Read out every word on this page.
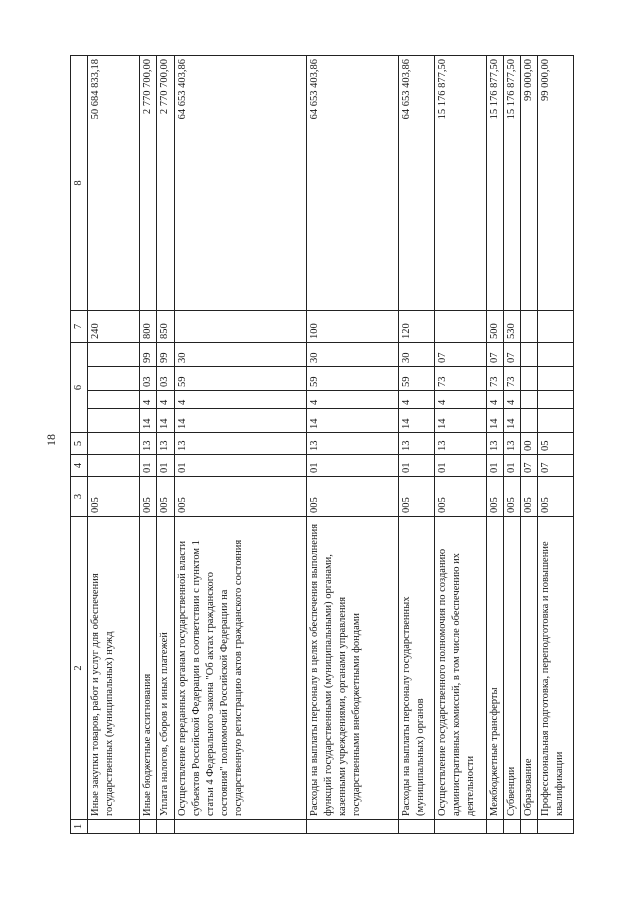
18
1	2	3	4	5	6				7	8
	Иные закупки товаров, работ и услуг для обеспечения государственных (муниципальных) нужд	005							240	50 684 833,18
	Иные бюджетные ассигнования	005	01	13	14	4	03	99	800	2 770 700,00
	Уплата налогов, сборов и иных платежей	005	01	13	14	4	03	99	850	2 770 700,00
	Осуществление переданных органам государственной власти субъектов Российской Федерации в соответствии с пунктом 1 статьи 4 Федерального закона "Об актах гражданского состояния" полномочий Российской Федерации на государственную регистрацию актов гражданского состояния	005	01	13	14	4	59	30		64 653 403,86
	Расходы на выплаты персоналу в целях обеспечения выполнения функций государственными (муниципальными) органами, казенными учреждениями, органами управления государственными внебюджетными фондами	005	01	13	14	4	59	30	100	64 653 403,86
	Расходы на выплаты персоналу государственных (муниципальных) органов	005	01	13	14	4	59	30	120	64 653 403,86
	Осуществление государственного полномочия по созданию административных комиссий, в том числе обеспечению их деятельности	005	01	13	14	4	73	07		15 176 877,50
	Межбюджетные трансферты	005	01	13	14	4	73	07	500	15 176 877,50
	Субвенции	005	01	13	14	4	73	07	530	15 176 877,50
	Образование	005	07	00						99 000,00
	Профессиональная подготовка, переподготовка и повышение квалификации	005	07	05						99 000,00
